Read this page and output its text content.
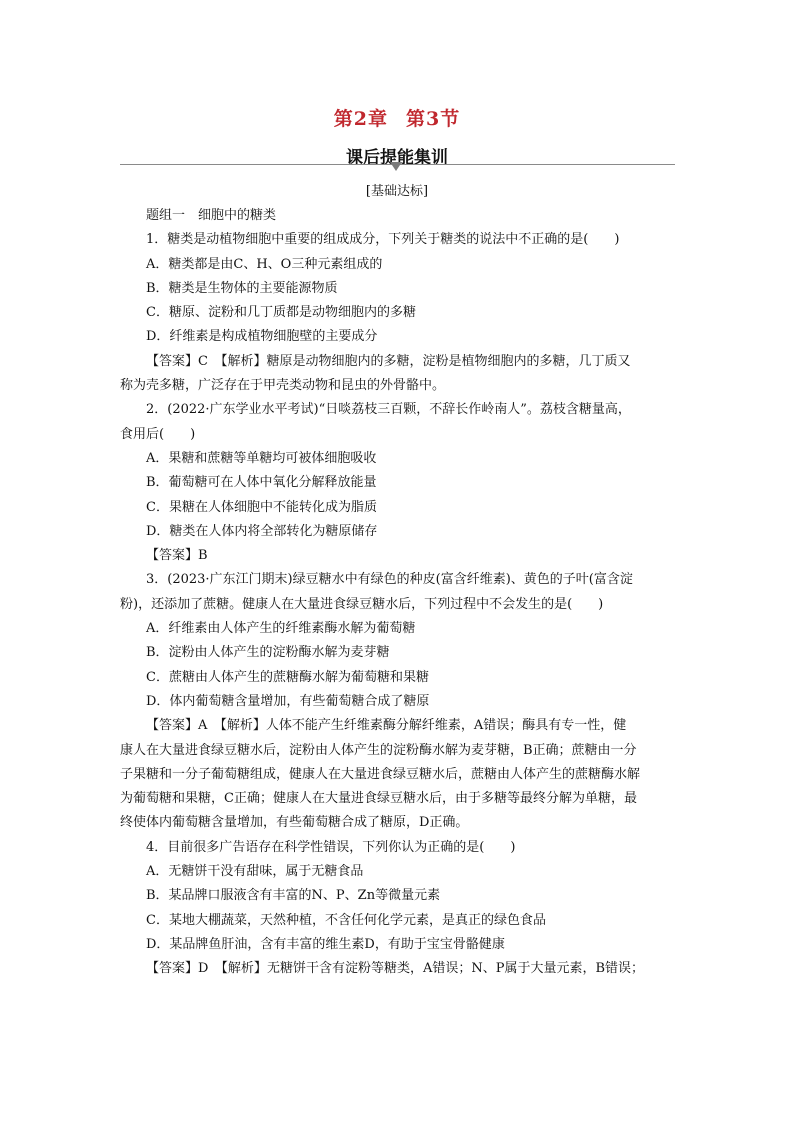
第2章 第3节
课后提能集训
[基础达标]

题组一　细胞中的糖类

1．糖类是动植物细胞中重要的组成成分，下列关于糖类的说法中不正确的是(　　)

A．糖类都是由C、H、O三种元素组成的

B．糖类是生物体的主要能源物质

C．糖原、淀粉和几丁质都是动物细胞内的多糖

D．纤维素是构成植物细胞壁的主要成分

【答案】C　【解析】糖原是动物细胞内的多糖，淀粉是植物细胞内的多糖，几丁质又

称为壳多糖，广泛存在于甲壳类动物和昆虫的外骨骼中。

2．(2022·广东学业水平考试)“日啖荔枝三百颗，不辞长作岭南人”。荔枝含糖量高，

食用后(　　)

A．果糖和蔗糖等单糖均可被体细胞吸收

B．葡萄糖可在人体中氧化分解释放能量

C．果糖在人体细胞中不能转化成为脂质

D．糖类在人体内将全部转化为糖原储存

【答案】B

3．(2023·广东江门期末)绿豆糖水中有绿色的种皮(富含纤维素)、黄色的子叶(富含淀

粉)，还添加了蔗糖。健康人在大量进食绿豆糖水后，下列过程中不会发生的是(　　)

A．纤维素由人体产生的纤维素酶水解为葡萄糖

B．淀粉由人体产生的淀粉酶水解为麦芽糖

C．蔗糖由人体产生的蔗糖酶水解为葡萄糖和果糖

D．体内葡萄糖含量增加，有些葡萄糖合成了糖原

【答案】A　【解析】人体不能产生纤维素酶分解纤维素，A错误；酶具有专一性，健

康人在大量进食绿豆糖水后，淀粉由人体产生的淀粉酶水解为麦芽糖，B正确；蔗糖由一分

子果糖和一分子葡萄糖组成，健康人在大量进食绿豆糖水后，蔗糖由人体产生的蔗糖酶水解

为葡萄糖和果糖，C正确；健康人在大量进食绿豆糖水后，由于多糖等最终分解为单糖，最

终使体内葡萄糖含量增加，有些葡萄糖合成了糖原，D正确。

4．目前很多广告语存在科学性错误，下列你认为正确的是(　　)

A．无糖饼干没有甜味，属于无糖食品

B．某品牌口服液含有丰富的N、P、Zn等微量元素

C．某地大棚蔬菜，天然种植，不含任何化学元素，是真正的绿色食品

D．某品牌鱼肝油，含有丰富的维生素D，有助于宝宝骨骼健康

【答案】D　【解析】无糖饼干含有淀粉等糖类，A错误；N、P属于大量元素，B错误；
